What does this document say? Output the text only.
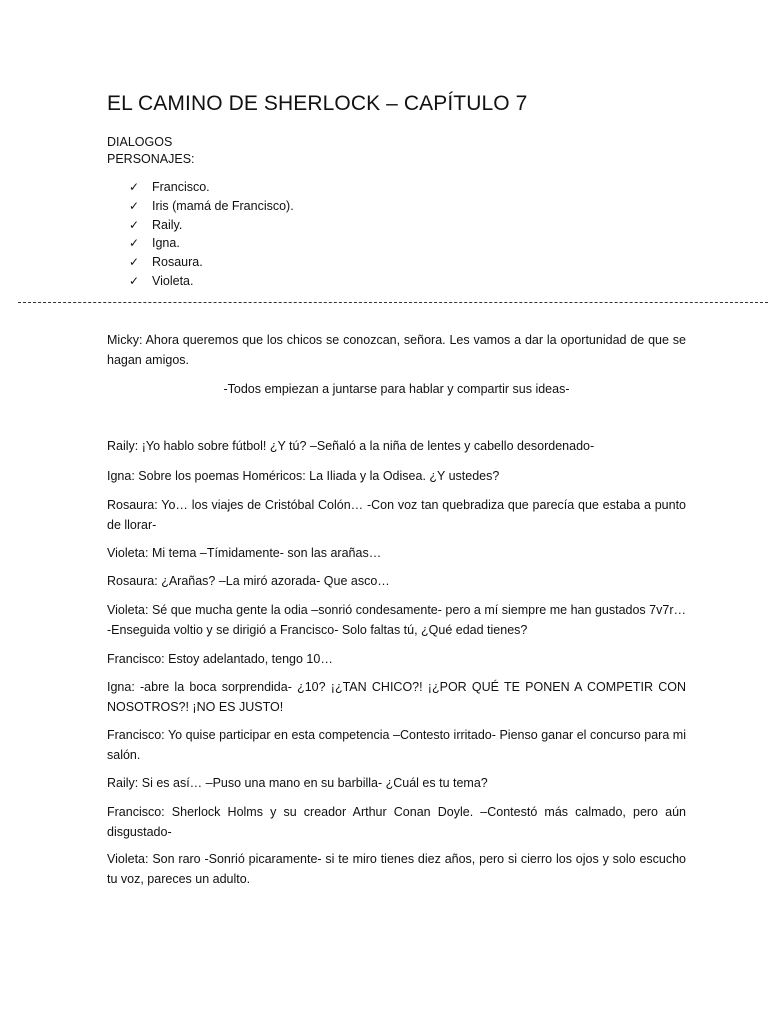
EL CAMINO DE SHERLOCK – CAPÍTULO 7

DIALOGOS

PERSONAJES:

✓	Francisco.
✓	Iris (mamá de Francisco).
✓	Raily.
✓	Igna.
✓	Rosaura.
✓	Violeta.

Micky: Ahora queremos que los chicos se conozcan, señora. Les vamos a dar la oportunidad de que se hagan amigos.

-Todos empiezan a juntarse para hablar y compartir sus ideas-

Raily: ¡Yo hablo sobre fútbol! ¿Y tú? –Señaló a la niña de lentes y cabello desordenado-

Igna: Sobre los poemas Homéricos: La Iliada y la Odisea. ¿Y ustedes?

Rosaura: Yo… los viajes de Cristóbal Colón… -Con voz tan quebradiza que parecía que estaba a punto de llorar-

Violeta: Mi tema –Tímidamente- son las arañas…

Rosaura: ¿Arañas? –La miró azorada- Que asco…

Violeta: Sé que mucha gente la odia –sonrió condesamente- pero a mí siempre me han gustados 7v7r… -Enseguida voltio y se dirigió a Francisco- Solo faltas tú, ¿Qué edad tienes?

Francisco: Estoy adelantado, tengo 10…

Igna: -abre la boca sorprendida- ¿10? ¡¿TAN CHICO?! ¡¿POR QUÉ TE PONEN A COMPETIR CON NOSOTROS?! ¡NO ES JUSTO!

Francisco: Yo quise participar en esta competencia –Contesto irritado- Pienso ganar el concurso para mi salón.

Raily: Si es así… –Puso una mano en su barbilla- ¿Cuál es tu tema?

Francisco: Sherlock Holms y su creador Arthur Conan Doyle. –Contestó más calmado, pero aún disgustado-

Violeta: Son raro -Sonrió picaramente- si te miro tienes diez años, pero si cierro los ojos y solo escucho tu voz, pareces un adulto.
